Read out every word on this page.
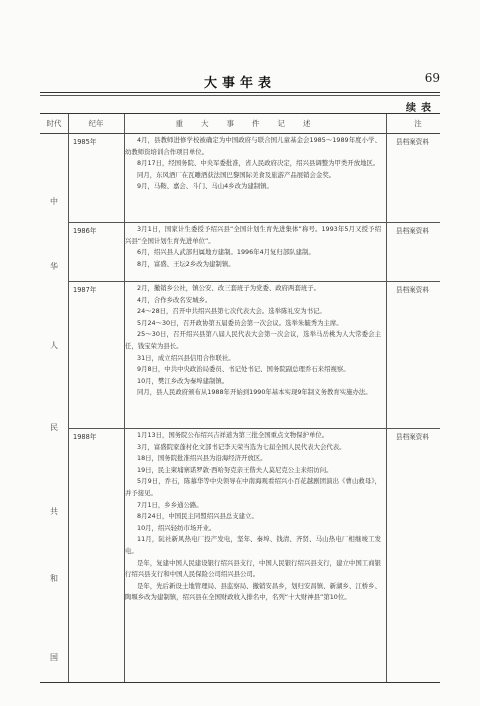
大事年表	69
续表
时代	纪年	重大事件记述	注
中
华
人
民
共
和
国
1985年	4月，县教师进修学校被确定为中国政府与联合国儿童基金会1985～1989年度小学、幼教师资培训合作项目单位。
8月17日，经国务院、中央军委批准，省人民政府决定，绍兴县调整为甲类开放地区。
同月，东风酒厂在瓦雕酒获法国巴黎国际美食及旅游产品展销会金奖。
9月，马鞍、嘉会、斗门、马山4乡改为建制镇。
县档案资料
1986年	3月1日，国家计生委授予绍兴县“全国计划生育先进集体”称号。1993年5月又授予绍兴县“全国计划生育先进单位”。
6月，绍兴县人武部归属地方建制。1996年4月复归部队建制。
8月，富盛、王坛2乡改为建制镇。
县档案资料
1987年	2月，撤销乡公社，镇公安、改三套班子为党委、政府两套班子。
4月，合作乡改名安城乡。
24～28日，召开中共绍兴县第七次代表大会。选举陈礼安为书记。
5月24～30日，召开政协第五届委员会第一次会议。选举朱毓秀为主席。
25～30日，召开绍兴县第八届人民代表大会第一次会议，选举马岳桃为人大常委会主任，钱宝荣为县长。
31日，成立绍兴县信用合作联社。
9月8日，中共中央政治局委员、书记处书记、国务院副总理乔石来绍视察。
10月，樊江乡改为秦埠建制镇。
同月，县人民政府颁布从1988年开始到1990年基本实现9年制义务教育实施办法。
县档案资料
1988年	1月13日，国务院公布绍兴吉祥道为第三批全国重点文物保护单位。
3月，富盛院家蓬村化文部书记李天荣当选为七届全国人民代表大会代表。
18日，国务院批准绍兴县为沿海经济开放区。
19日，民主柬埔寨诺罗敦·西哈努克亲王偕夫人莫尼克公主来绍访问。
5月9日，乔石，陈慕华等中央领导在中南海观看绍兴小百花越剧团演出《曹山救母》，并予接见。
7月1日，乡乡通公路。
8月24日，中国民主同盟绍兴县总支建立。
10月，绍兴轻纺市场开业。
11月，阮社新风热电厂投产发电，坚年、秦埠、钱清、齐贤、马山热电厂相继竣工发电。
是年，复建中国人民建设银行绍兴县支行，中国人民银行绍兴县支行，建立中国工商银行绍兴县支行和中国人民保险公司绍兴县公司。
是年，先后新设土地管理局、县监察局、撤销安昌乡，划归安昌镇、新湖乡、江桥乡、陶堰乡改为建制镇，绍兴县在全国财政收入排名中，名列“十大财神县”第10位。
县档案资料
